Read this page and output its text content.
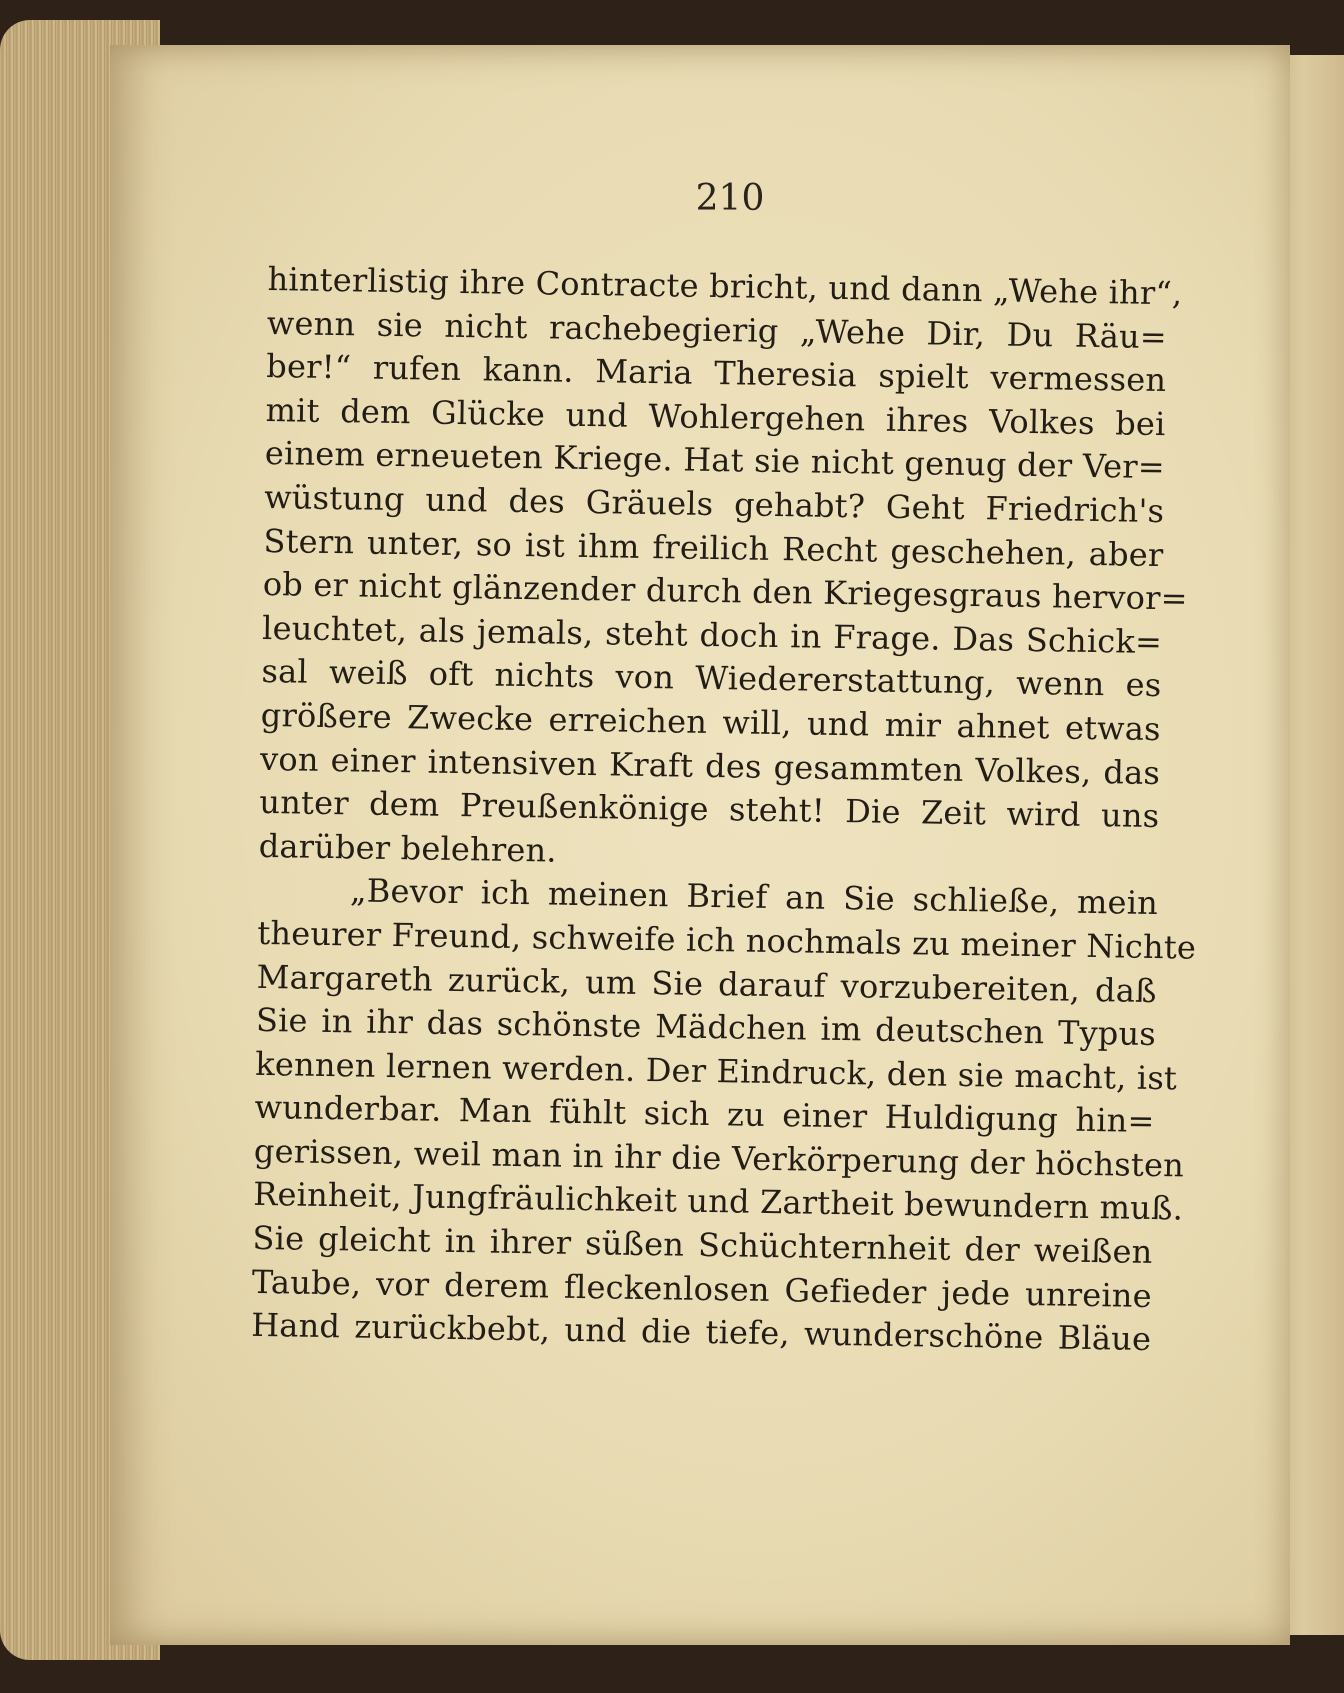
210
hinterlistig ihre Contracte bricht, und dann „Wehe ihr“,
wenn sie nicht rachebegierig „Wehe Dir, Du Räu=
ber!“ rufen kann. Maria Theresia spielt vermessen
mit dem Glücke und Wohlergehen ihres Volkes bei
einem erneueten Kriege. Hat sie nicht genug der Ver=
wüstung und des Gräuels gehabt? Geht Friedrich's
Stern unter, so ist ihm freilich Recht geschehen, aber
ob er nicht glänzender durch den Kriegesgraus hervor=
leuchtet, als jemals, steht doch in Frage. Das Schick=
sal weiß oft nichts von Wiedererstattung, wenn es
größere Zwecke erreichen will, und mir ahnet etwas
von einer intensiven Kraft des gesammten Volkes, das
unter dem Preußenkönige steht! Die Zeit wird uns
darüber belehren.
„Bevor ich meinen Brief an Sie schließe, mein
theurer Freund, schweife ich nochmals zu meiner Nichte
Margareth zurück, um Sie darauf vorzubereiten, daß
Sie in ihr das schönste Mädchen im deutschen Typus
kennen lernen werden. Der Eindruck, den sie macht, ist
wunderbar. Man fühlt sich zu einer Huldigung hin=
gerissen, weil man in ihr die Verkörperung der höchsten
Reinheit, Jungfräulichkeit und Zartheit bewundern muß.
Sie gleicht in ihrer süßen Schüchternheit der weißen
Taube, vor derem fleckenlosen Gefieder jede unreine
Hand zurückbebt, und die tiefe, wunderschöne Bläue
